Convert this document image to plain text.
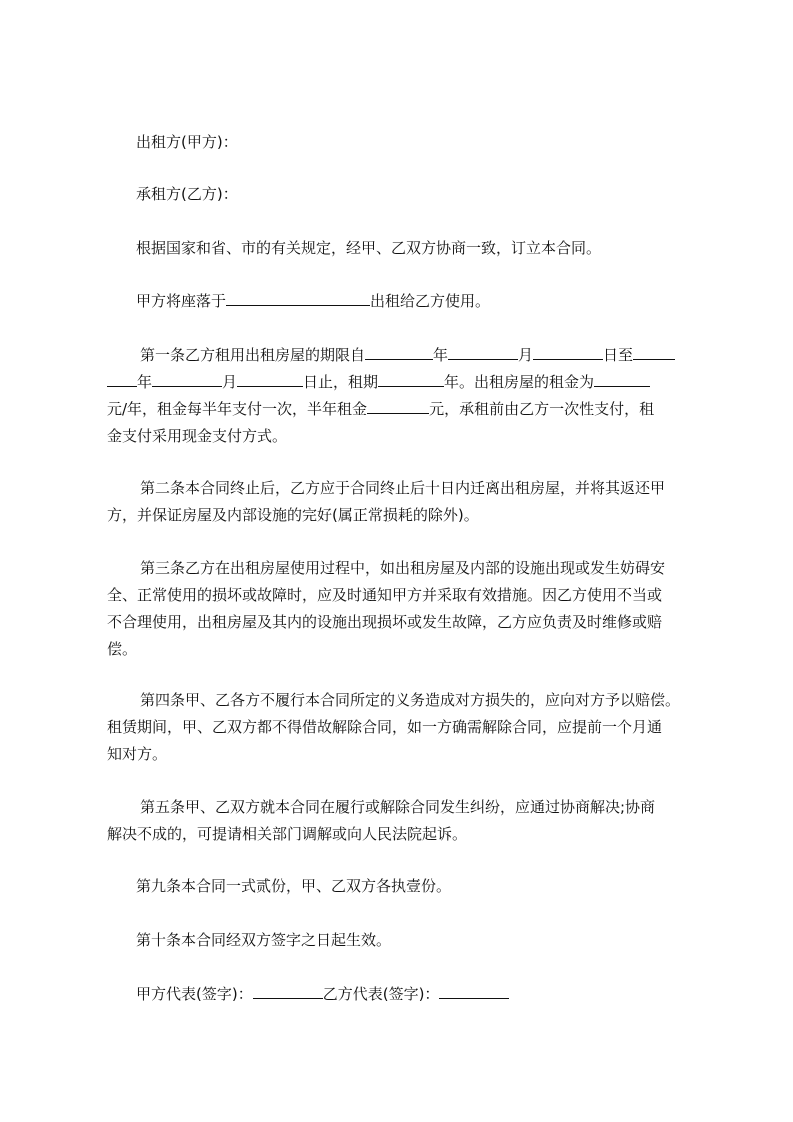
出租方(甲方)：
承租方(乙方)：
根据国家和省、市的有关规定，经甲、乙双方协商一致，订立本合同。
甲方将座落于	出租给乙方使用。
第一条乙方租用出租房屋的期限自	年	月	日至
年	月	日止，租期	年。出租房屋的租金为
元/年，租金每半年支付一次，半年租金	元，承租前由乙方一次性支付，租
金支付采用现金支付方式。
第二条本合同终止后，乙方应于合同终止后十日内迁离出租房屋，并将其返还甲
方，并保证房屋及内部设施的完好(属正常损耗的除外)。
第三条乙方在出租房屋使用过程中，如出租房屋及内部的设施出现或发生妨碍安
全、正常使用的损坏或故障时，应及时通知甲方并采取有效措施。因乙方使用不当或
不合理使用，出租房屋及其内的设施出现损坏或发生故障，乙方应负责及时维修或赔
偿。
第四条甲、乙各方不履行本合同所定的义务造成对方损失的，应向对方予以赔偿。
租赁期间，甲、乙双方都不得借故解除合同，如一方确需解除合同，应提前一个月通
知对方。
第五条甲、乙双方就本合同在履行或解除合同发生纠纷，应通过协商解决;协商
解决不成的，可提请相关部门调解或向人民法院起诉。
第九条本合同一式贰份，甲、乙双方各执壹份。
第十条本合同经双方签字之日起生效。
甲方代表(签字)：	乙方代表(签字)：
